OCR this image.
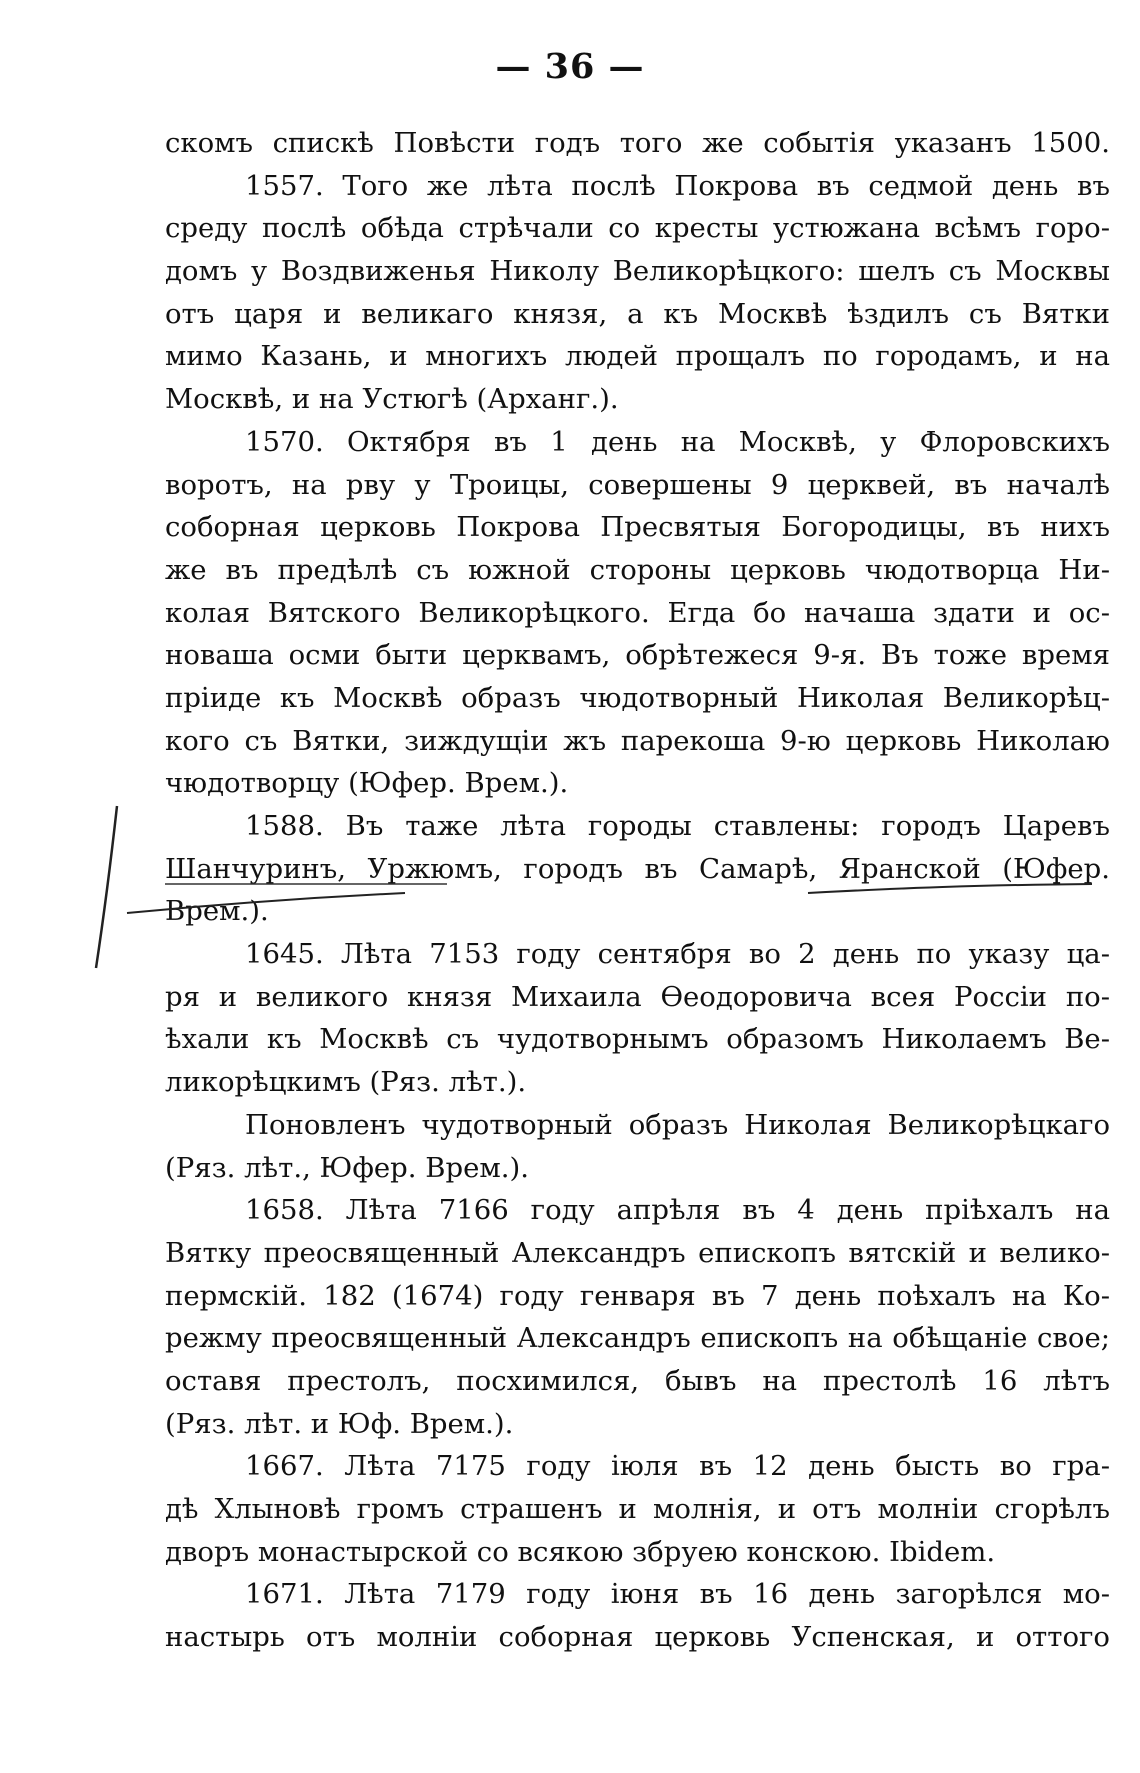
— 36 —
скомъ спискѣ Повѣсти годъ того же событія указанъ 1500.
1557. Того же лѣта послѣ Покрова въ седмой день въ
среду послѣ обѣда стрѣчали со кресты устюжана всѣмъ горо-
домъ у Воздвиженья Николу Великорѣцкого: шелъ съ Москвы
отъ царя и великаго князя, а къ Москвѣ ѣздилъ съ Вятки
мимо Казань, и многихъ людей прощалъ по городамъ, и на
Москвѣ, и на Устюгѣ (Арханг.).
1570. Октября въ 1 день на Москвѣ, у Флоровскихъ
воротъ, на рву у Троицы, совершены 9 церквей, въ началѣ
соборная церковь Покрова Пресвятыя Богородицы, въ нихъ
же въ предѣлѣ съ южной стороны церковь чюдотворца Ни-
колая Вятского Великорѣцкого. Егда бо начаша здати и ос-
новаша осми быти церквамъ, обрѣтежеся 9-я. Въ тоже время
пріиде къ Москвѣ образъ чюдотворный Николая Великорѣц-
кого съ Вятки, зиждущіи жъ парекоша 9-ю церковь Николаю
чюдотворцу (Юфер. Врем.).
1588. Въ таже лѣта городы ставлены: городъ Царевъ
Шанчуринъ, Уржюмъ, городъ въ Самарѣ, Яранской (Юфер.
Врем.).
1645. Лѣта 7153 году сентября во 2 день по указу ца-
ря и великого князя Михаила Ѳеодоровича всея Россіи по-
ѣхали къ Москвѣ съ чудотворнымъ образомъ Николаемъ Ве-
ликорѣцкимъ (Ряз. лѣт.).
Поновленъ чудотворный образъ Николая Великорѣцкаго
(Ряз. лѣт., Юфер. Врем.).
1658. Лѣта 7166 году апрѣля въ 4 день пріѣхалъ на
Вятку преосвященный Александръ епископъ вятскій и велико-
пермскій. 182 (1674) году генваря въ 7 день поѣхалъ на Ко-
режму преосвященный Александръ епископъ на обѣщаніе свое;
оставя престолъ, посхимился, бывъ на престолѣ 16 лѣтъ
(Ряз. лѣт. и Юф. Врем.).
1667. Лѣта 7175 году іюля въ 12 день бысть во гра-
дѣ Хлыновѣ громъ страшенъ и молнія, и отъ молніи сгорѣлъ
дворъ монастырской со всякою збруею конскою. Ibidem.
1671. Лѣта 7179 году іюня въ 16 день загорѣлся мо-
настырь отъ молніи соборная церковь Успенская, и оттого
